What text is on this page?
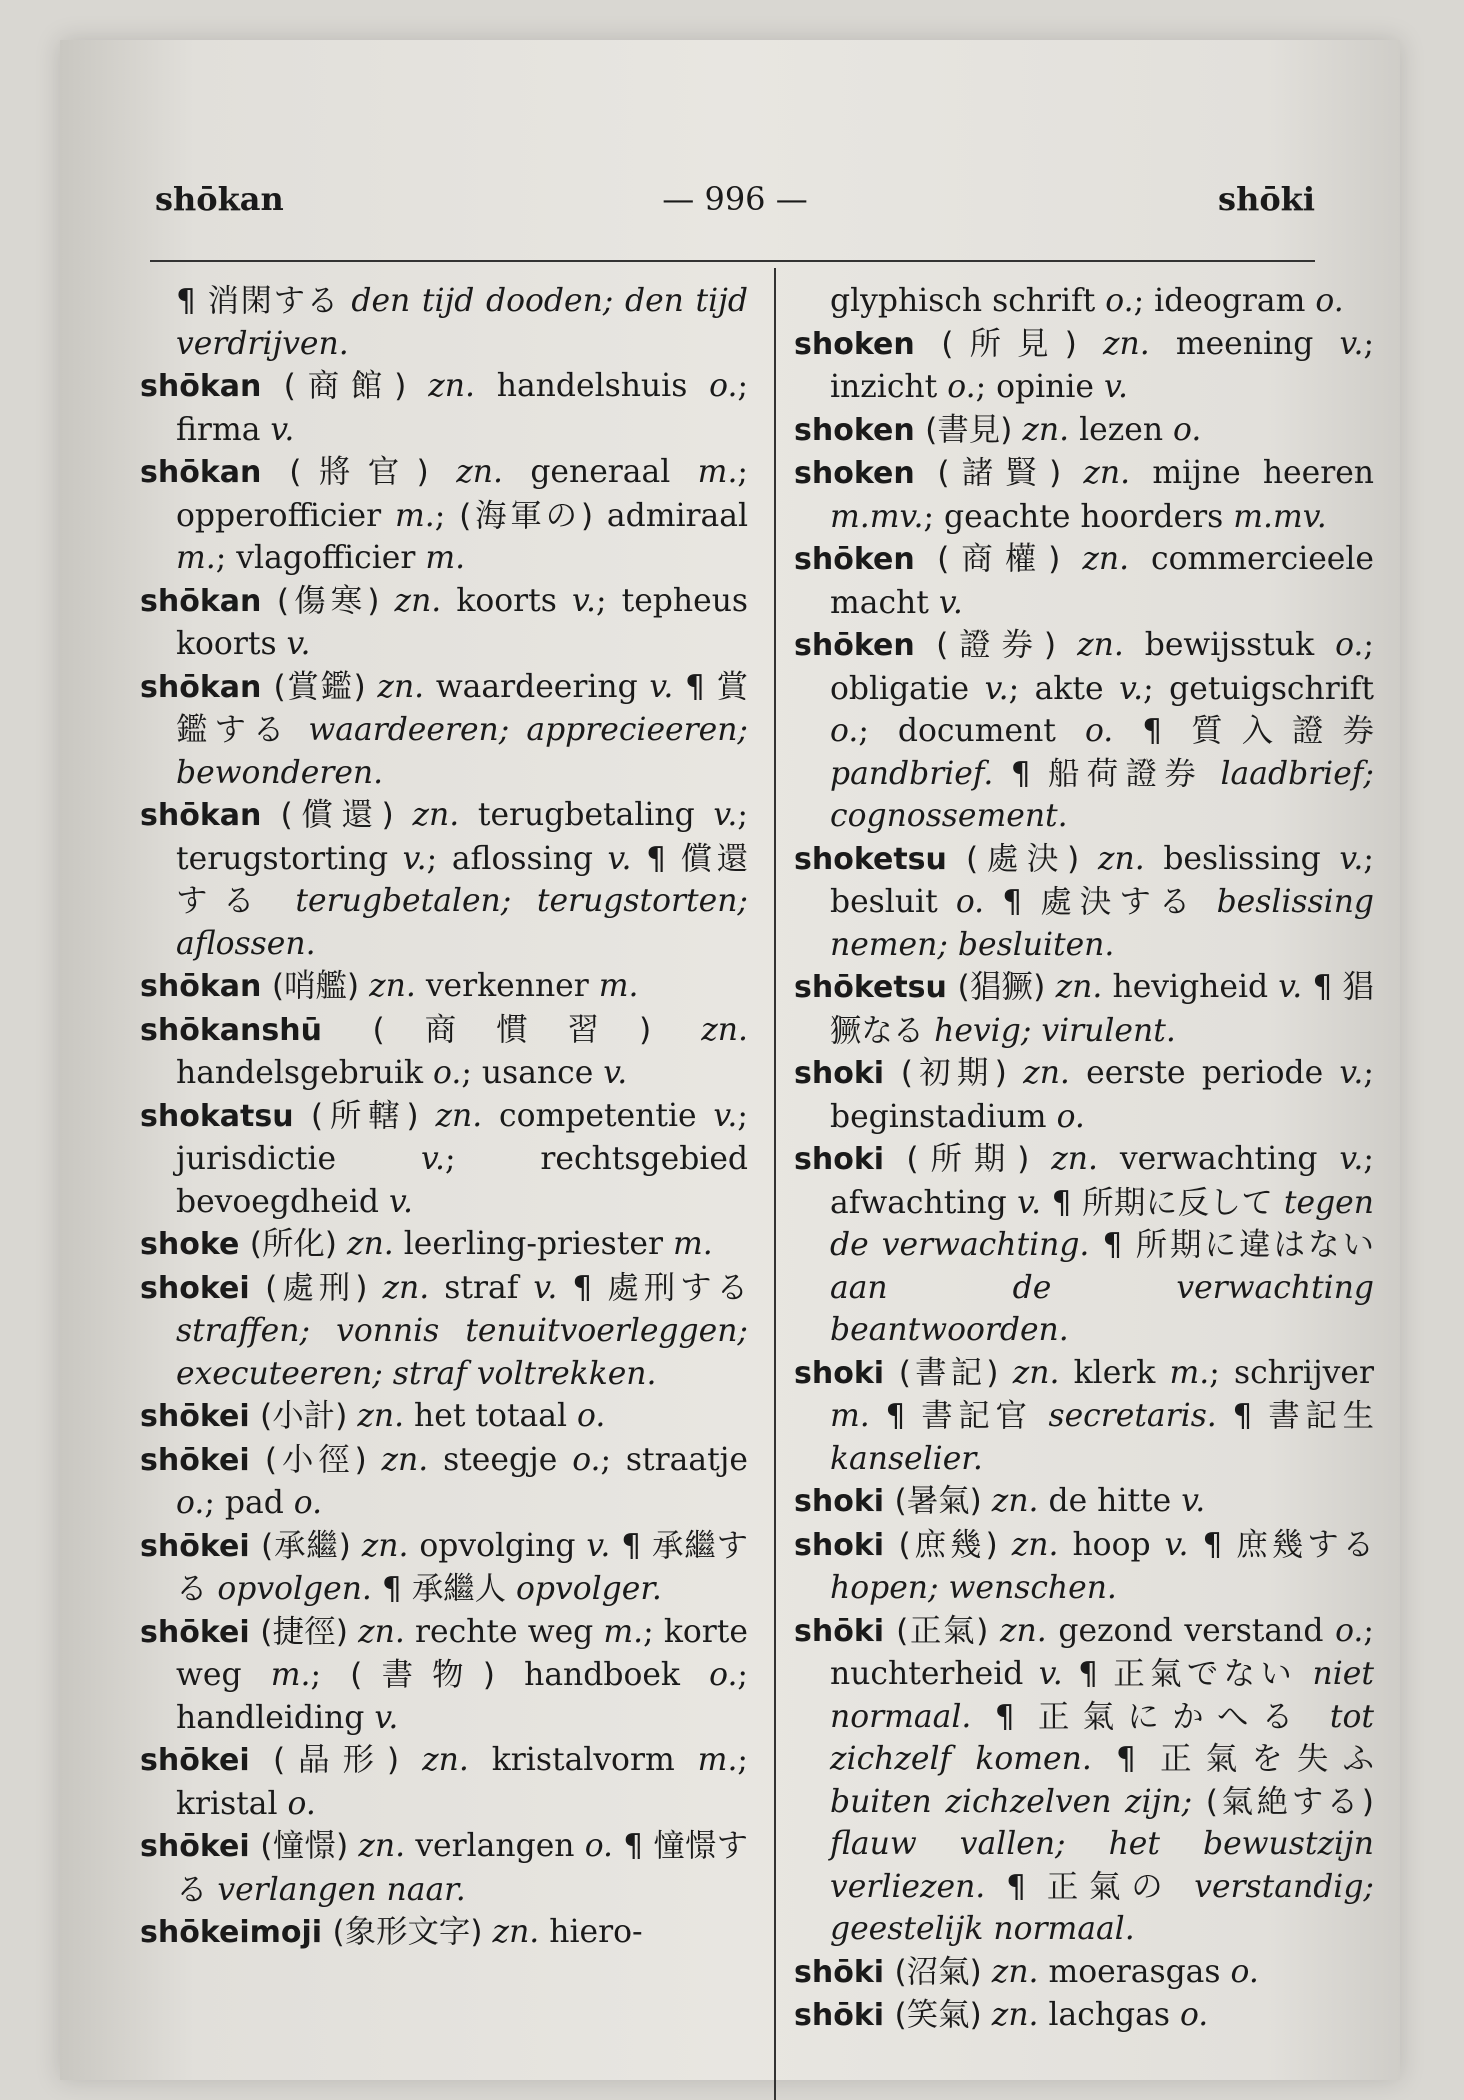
shōkan	— 996 —	shōki
¶ 消閑する den tijd dooden; den tijd verdrijven.
shōkan (商館) zn. handelshuis o.; firma v.
shōkan (將官) zn. generaal m.; opperofficier m.; (海軍の) admiraal m.; vlagofficier m.
shōkan (傷寒) zn. koorts v.; tepheus koorts v.
shōkan (賞鑑) zn. waardeering v. ¶ 賞鑑する waardeeren; apprecieeren; bewonderen.
shōkan (償還) zn. terugbetaling v.; terugstorting v.; aflossing v. ¶ 償還する terugbetalen; terugstorten; aflossen.
shōkan (哨艦) zn. verkenner m.
shōkanshū (商慣習) zn. handelsgebruik o.; usance v.
shokatsu (所轄) zn. competentie v.; jurisdictie v.; rechtsgebied bevoegdheid v.
shoke (所化) zn. leerling-priester m.
shokei (處刑) zn. straf v. ¶ 處刑する straffen; vonnis tenuitvoerleggen; executeeren; straf voltrekken.
shōkei (小計) zn. het totaal o.
shōkei (小徑) zn. steegje o.; straatje o.; pad o.
shōkei (承繼) zn. opvolging v. ¶ 承繼する opvolgen. ¶ 承繼人 opvolger.
shōkei (捷徑) zn. rechte weg m.; korte weg m.; (書物) handboek o.; handleiding v.
shōkei (晶形) zn. kristalvorm m.; kristal o.
shōkei (憧憬) zn. verlangen o. ¶ 憧憬する verlangen naar.
shōkeimoji (象形文字) zn. hiero-
glyphisch schrift o.; ideogram o.
shoken (所見) zn. meening v.; inzicht o.; opinie v.
shoken (書見) zn. lezen o.
shoken (諸賢) zn. mijne heeren m.mv.; geachte hoorders m.mv.
shōken (商權) zn. commercieele macht v.
shōken (證券) zn. bewijsstuk o.; obligatie v.; akte v.; getuigschrift o.; document o. ¶ 質入證券 pandbrief. ¶ 船荷證券 laadbrief; cognossement.
shoketsu (處決) zn. beslissing v.; besluit o. ¶ 處決する beslissing nemen; besluiten.
shōketsu (猖獗) zn. hevigheid v. ¶ 猖獗なる hevig; virulent.
shoki (初期) zn. eerste periode v.; beginstadium o.
shoki (所期) zn. verwachting v.; afwachting v. ¶ 所期に反して tegen de verwachting. ¶ 所期に違はない aan de verwachting beantwoorden.
shoki (書記) zn. klerk m.; schrijver m. ¶ 書記官 secretaris. ¶ 書記生 kanselier.
shoki (暑氣) zn. de hitte v.
shoki (庶幾) zn. hoop v. ¶ 庶幾する hopen; wenschen.
shōki (正氣) zn. gezond verstand o.; nuchterheid v. ¶ 正氣でない niet normaal. ¶ 正氣にかへる tot zichzelf komen. ¶ 正氣を失ふ buiten zichzelven zijn; (氣絶する) flauw vallen; het bewustzijn verliezen. ¶ 正氣の verstandig; geestelijk normaal.
shōki (沼氣) zn. moerasgas o.
shōki (笑氣) zn. lachgas o.
